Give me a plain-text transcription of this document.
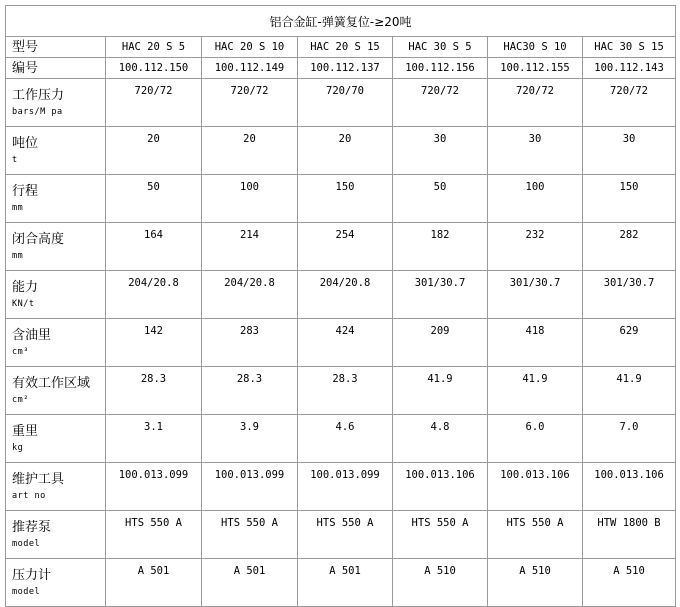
铝合金缸-弹簧复位-≥20吨						

型号	HAC 20 S 5	HAC 20 S 10	HAC 20 S 15	HAC 30 S 5	HAC30 S 10	HAC 30 S 15

编号	100.112.150	100.112.149	100.112.137	100.112.156	100.112.155	100.112.143

工作压力
bars/M pa	720/72	720/72	720/70	720/72	720/72	720/72

吨位
t	20	20	20	30	30	30

行程
mm	50	100	150	50	100	150

闭合高度
mm	164	214	254	182	232	282

能力
KN/t	204/20.8	204/20.8	204/20.8	301/30.7	301/30.7	301/30.7

含油里
cm³	142	283	424	209	418	629

有效工作区域
cm²	28.3	28.3	28.3	41.9	41.9	41.9

重里
kg	3.1	3.9	4.6	4.8	6.0	7.0

维护工具
art no	100.013.099	100.013.099	100.013.099	100.013.106	100.013.106	100.013.106

推荐泵
model	HTS 550 A	HTS 550 A	HTS 550 A	HTS 550 A	HTS 550 A	HTW 1800 B

压力计
model	A 501	A 501	A 501	A 510	A 510	A 510
